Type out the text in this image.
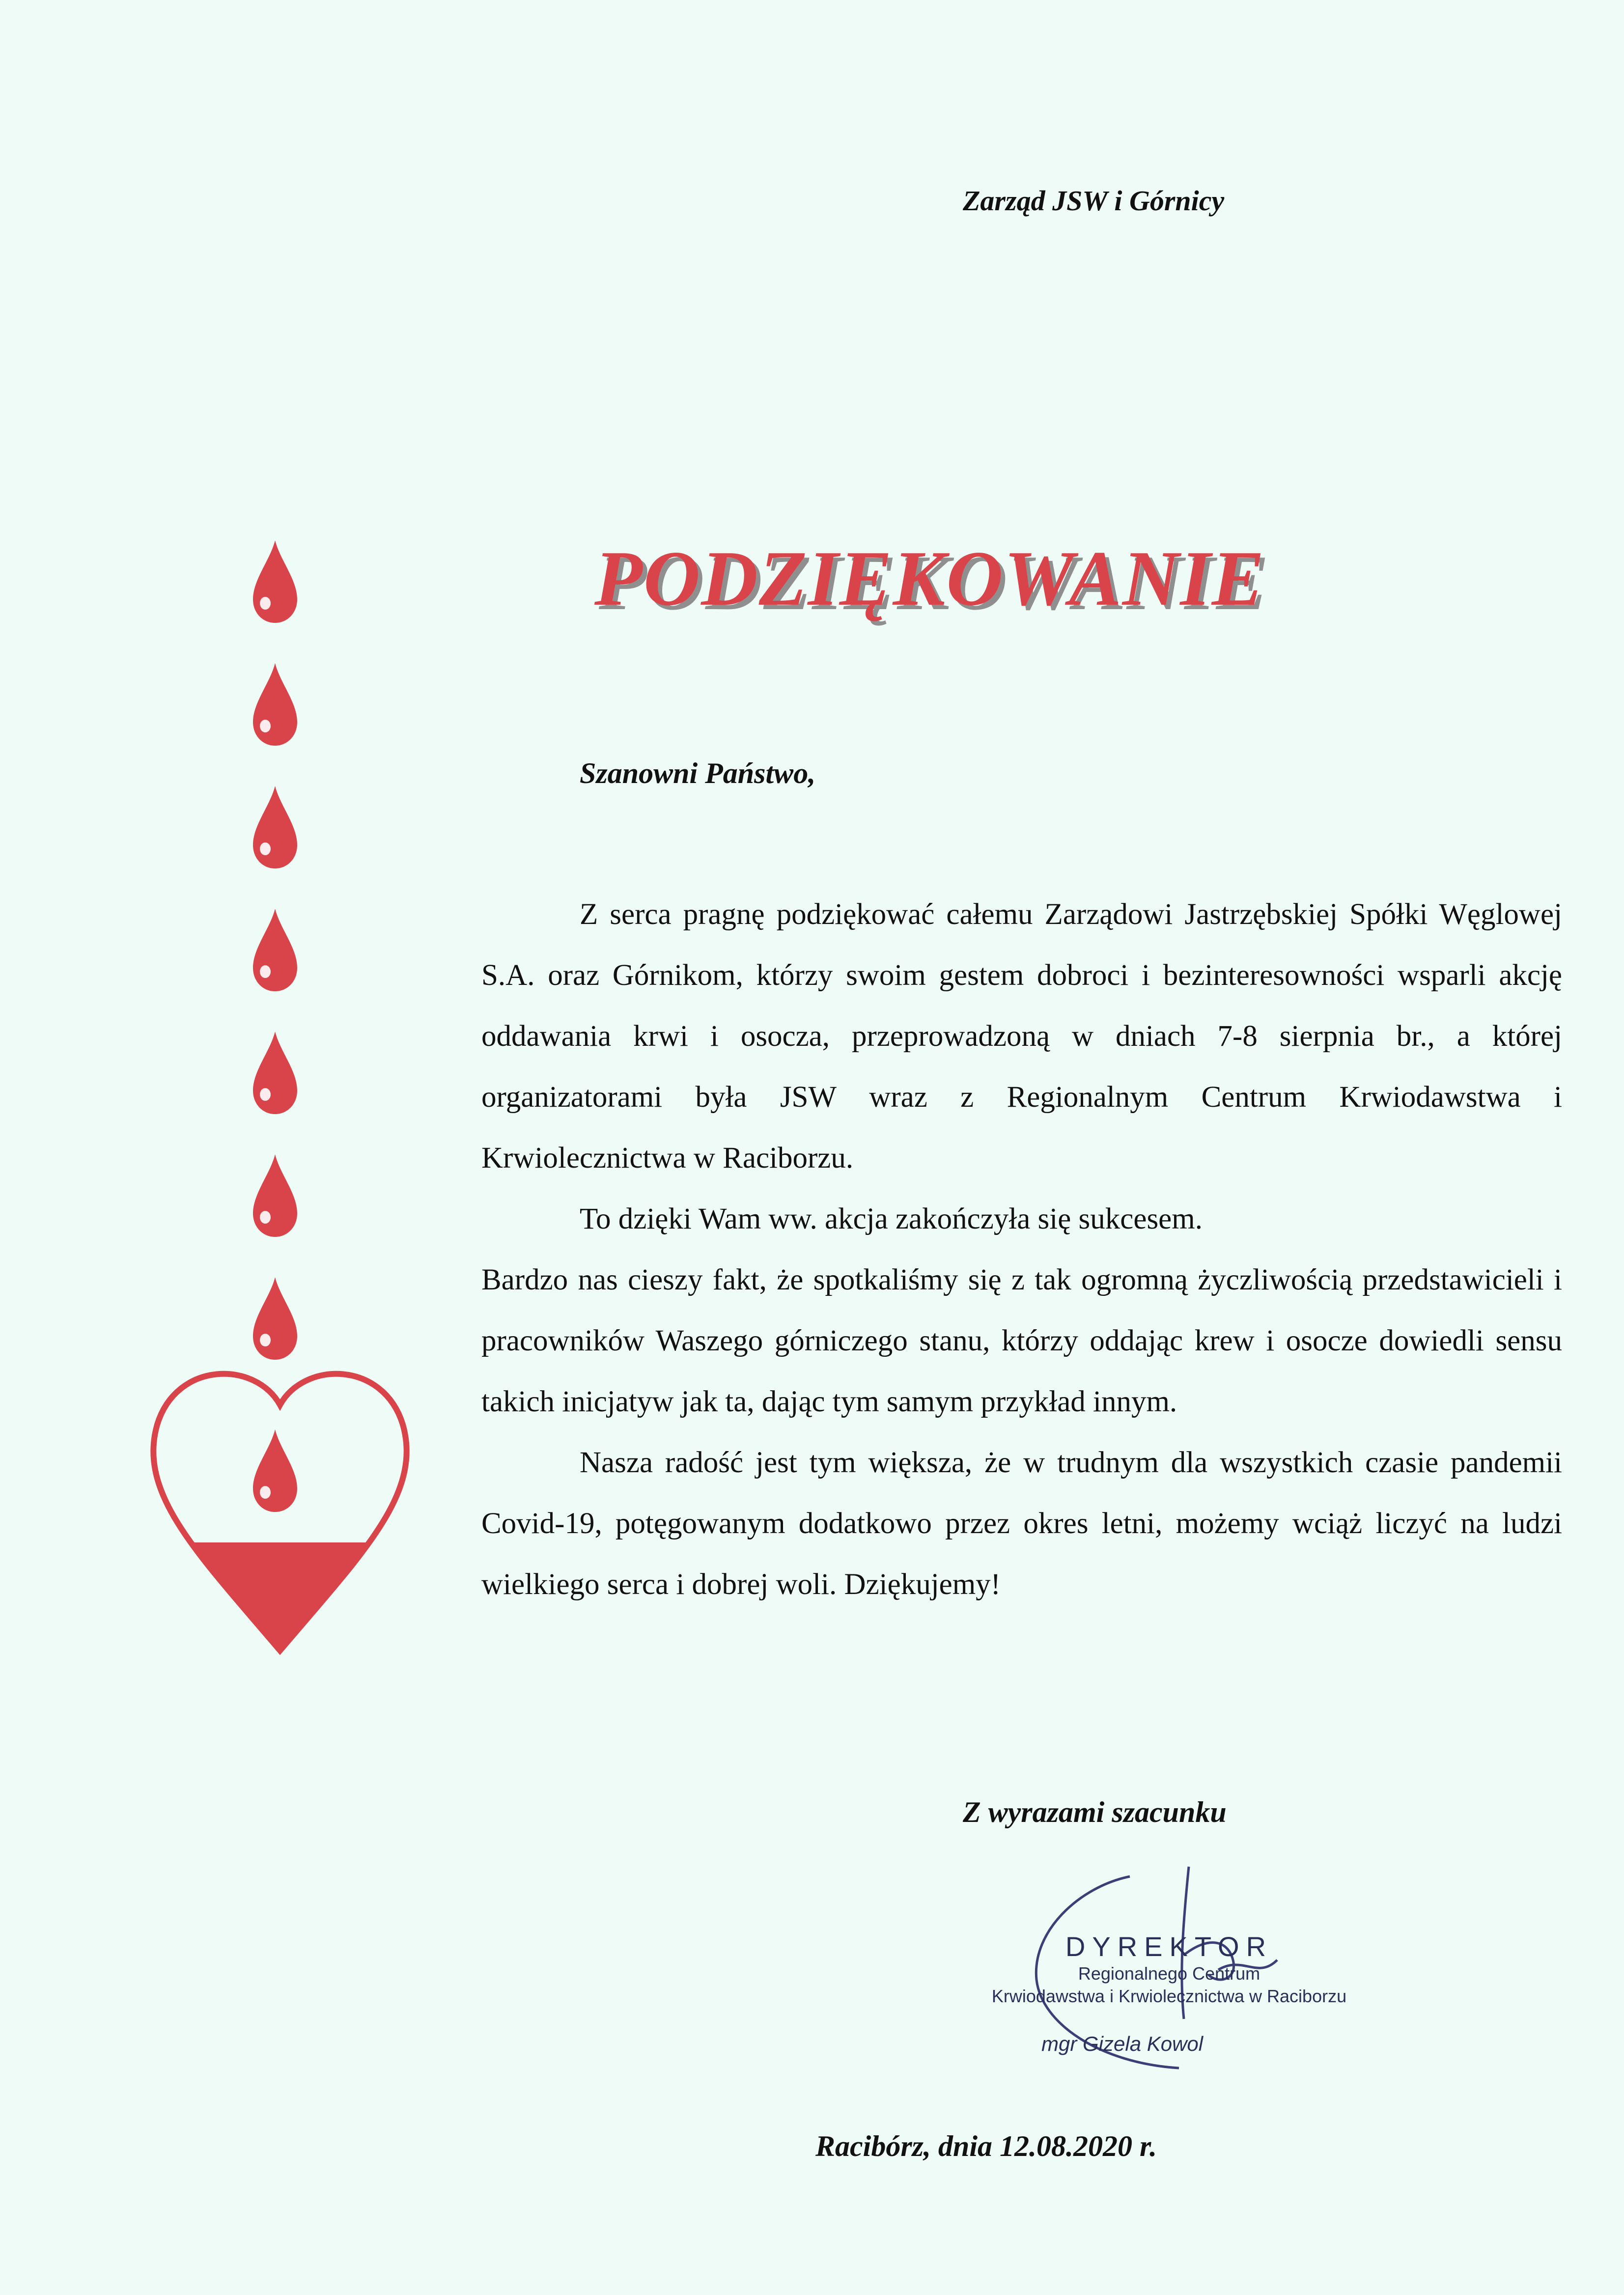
Zarząd JSW i Górnicy
PODZIĘKOWANIE
Szanowni Państwo,

Z serca pragnę podziękować całemu Zarządowi Jastrzębskiej Spółki Węglowej S.A. oraz Górnikom, którzy swoim gestem dobroci i bezinteresowności wsparli akcję oddawania krwi i osocza, przeprowadzoną w dniach 7-8 sierpnia br., a której organizatorami była JSW wraz z Regionalnym Centrum Krwiodawstwa i Krwiolecznictwa w Raciborzu.

To dzięki Wam ww. akcja zakończyła się sukcesem.

Bardzo nas cieszy fakt, że spotkaliśmy się z tak ogromną życzliwością przedstawicieli i pracowników Waszego górniczego stanu, którzy oddając krew i osocze dowiedli sensu takich inicjatyw jak ta, dając tym samym przykład innym.

Nasza radość jest tym większa, że w trudnym dla wszystkich czasie pandemii Covid-19, potęgowanym dodatkowo przez okres letni, możemy wciąż liczyć na ludzi wielkiego serca i dobrej woli. Dziękujemy!

Z wyrazami szacunku
DYREKTOR
Regionalnego Centrum
Krwiodawstwa i Krwiolecznictwa w Raciborzu
mgr Gizela Kowol
Racibórz, dnia 12.08.2020 r.
